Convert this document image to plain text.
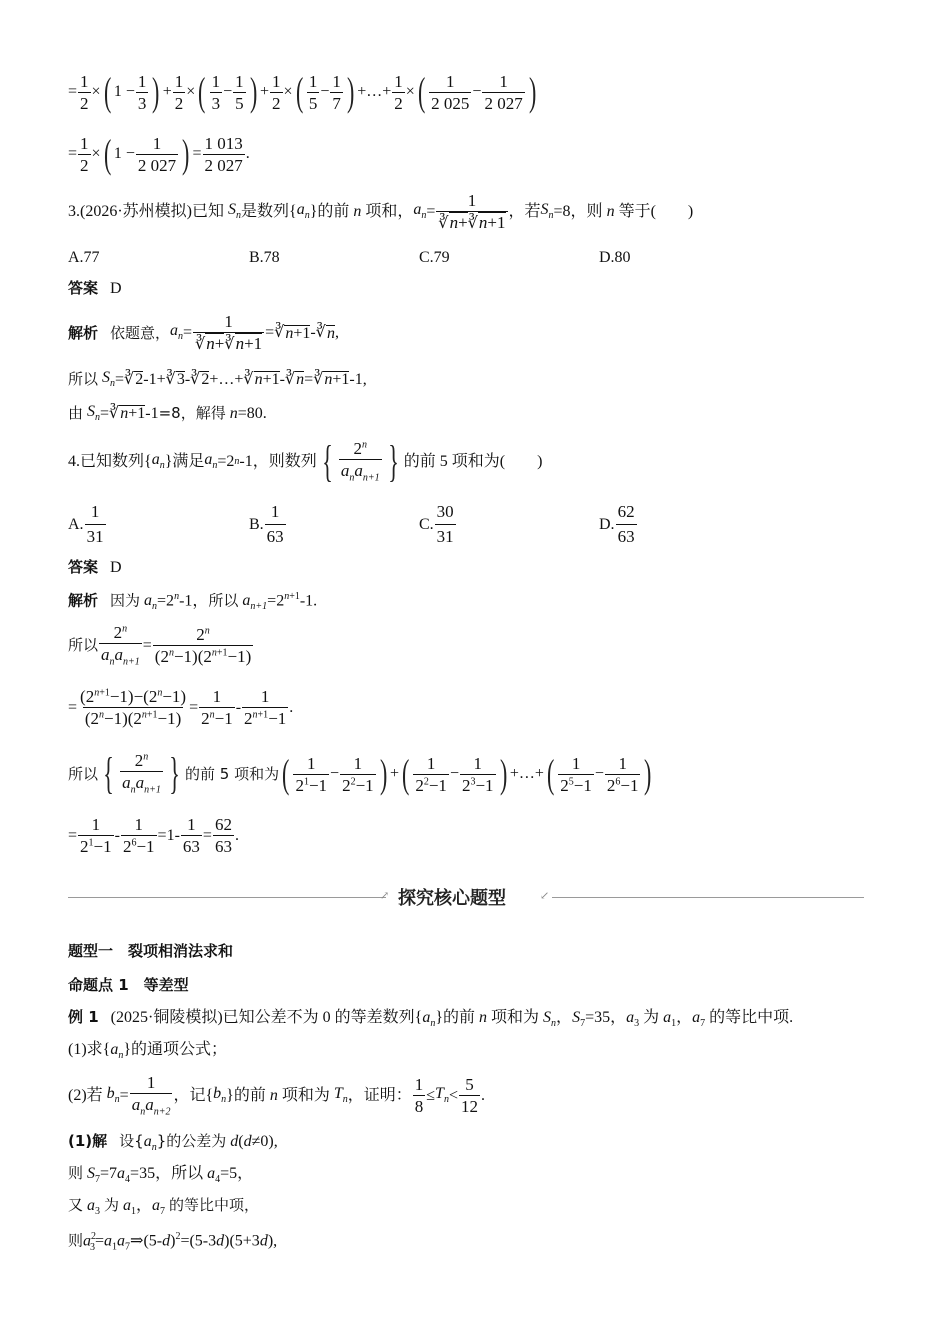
= $\frac{1}{2}$ × ( $1 - \frac{1}{3}$ ) + $\frac{1}{2}$ × ( $\frac{1}{3} - \frac{1}{5}$ ) + $\frac{1}{2}$ × ( $\frac{1}{5} - \frac{1}{7}$ ) +…+ $\frac{1}{2}$ × ( $\frac{1}{2 025} - \frac{1}{2 027}$ )
= $\frac{1}{2}$ × ( $1 - \frac{1}{2 027}$ ) = $\frac{1 013}{2 027}$ .
3.(2026·苏州模拟)已知
$S_n$ 是数列{ $a_n$ }的前
n
项和， $a_n = \frac{1}{∛n+∛n+1}$ ，若 $S_n =8$，则
n
等于(　　)
A.77	B.78	C.79	D.80
答案 D
解析
依题意， $a_n = \frac{1}{∛n+∛n+1}$ = ∛ n+1 - ∛ n ,
所以
$S_n$ = ∛ 2 -1+ ∛ 3 - ∛ 2 +…+ ∛ n+1 - ∛ n = ∛ n+1 -1,
由
$S_n$ = ∛ n+1 -1 =8，解得
n =80.
4.已知数列{ $a_n$ }满足 $a_n =2$ n -1，则数列 { $\frac{2^n}{a_na_{n+1}}$ } 的前 5 项和为(　　)
A. $\frac{1}{31}$	B. $\frac{1}{63}$	C. $\frac{30}{31}$	D. $\frac{62}{63}$
答案 D
解析 因为 $a_n=2^n-1$，所以 $a_{n+1}=2^{n+1}-1$.
所以 $\frac{2^n}{a_na_{n+1}} = \frac{2^n}{(2^n-1)(2^{n+1}-1)}$
= $\frac{(2^{n+1}-1)-(2^n-1)}{(2^n-1)(2^{n+1}-1)} = \frac{1}{2^n-1} - \frac{1}{2^{n+1}-1}$ .
所以 { $\frac{2^n}{a_na_{n+1}}$ } 的前 5 项和为 ( $\frac{1}{2^1-1} - \frac{1}{2^2-1}$ ) + ( $\frac{1}{2^2-1} - \frac{1}{2^3-1}$ ) +…+ ( $\frac{1}{2^5-1} - \frac{1}{2^6-1}$ )
= $\frac{1}{2^1-1} - \frac{1}{2^6-1} =1- \frac{1}{63} = \frac{62}{63}$ .
↗ 探究核心题型	↙
题型一　裂项相消法求和
命题点 1　等差型
例 1 (2025·铜陵模拟)已知公差不为 0 的等差数列$\{a_n\}$的前 n 项和为 $S_n$，$S_7=35$，$a_3$ 为 $a_1$，$a_7$ 的等比中项.
(1)求$\{a_n\}$的通项公式；
(2)若
$b_n = \frac{1}{a_na_{n+2}}$ ，记{ $b_n$ }的前
n
项和为
$T_n$ ，证明： $\frac{1}{8} \le T_n < \frac{5}{12}$ .
(1)解 设$\{a_n\}$的公差为 d(d≠0),
则 $S_7=7a_4=35$，所以 $a_4=5$，
又 $a_3$ 为 $a_1$，$a_7$ 的等比中项，
则$a^2_3=a_1a_7\Rightarrow(5-d)^2=(5-3d)(5+3d)$,
